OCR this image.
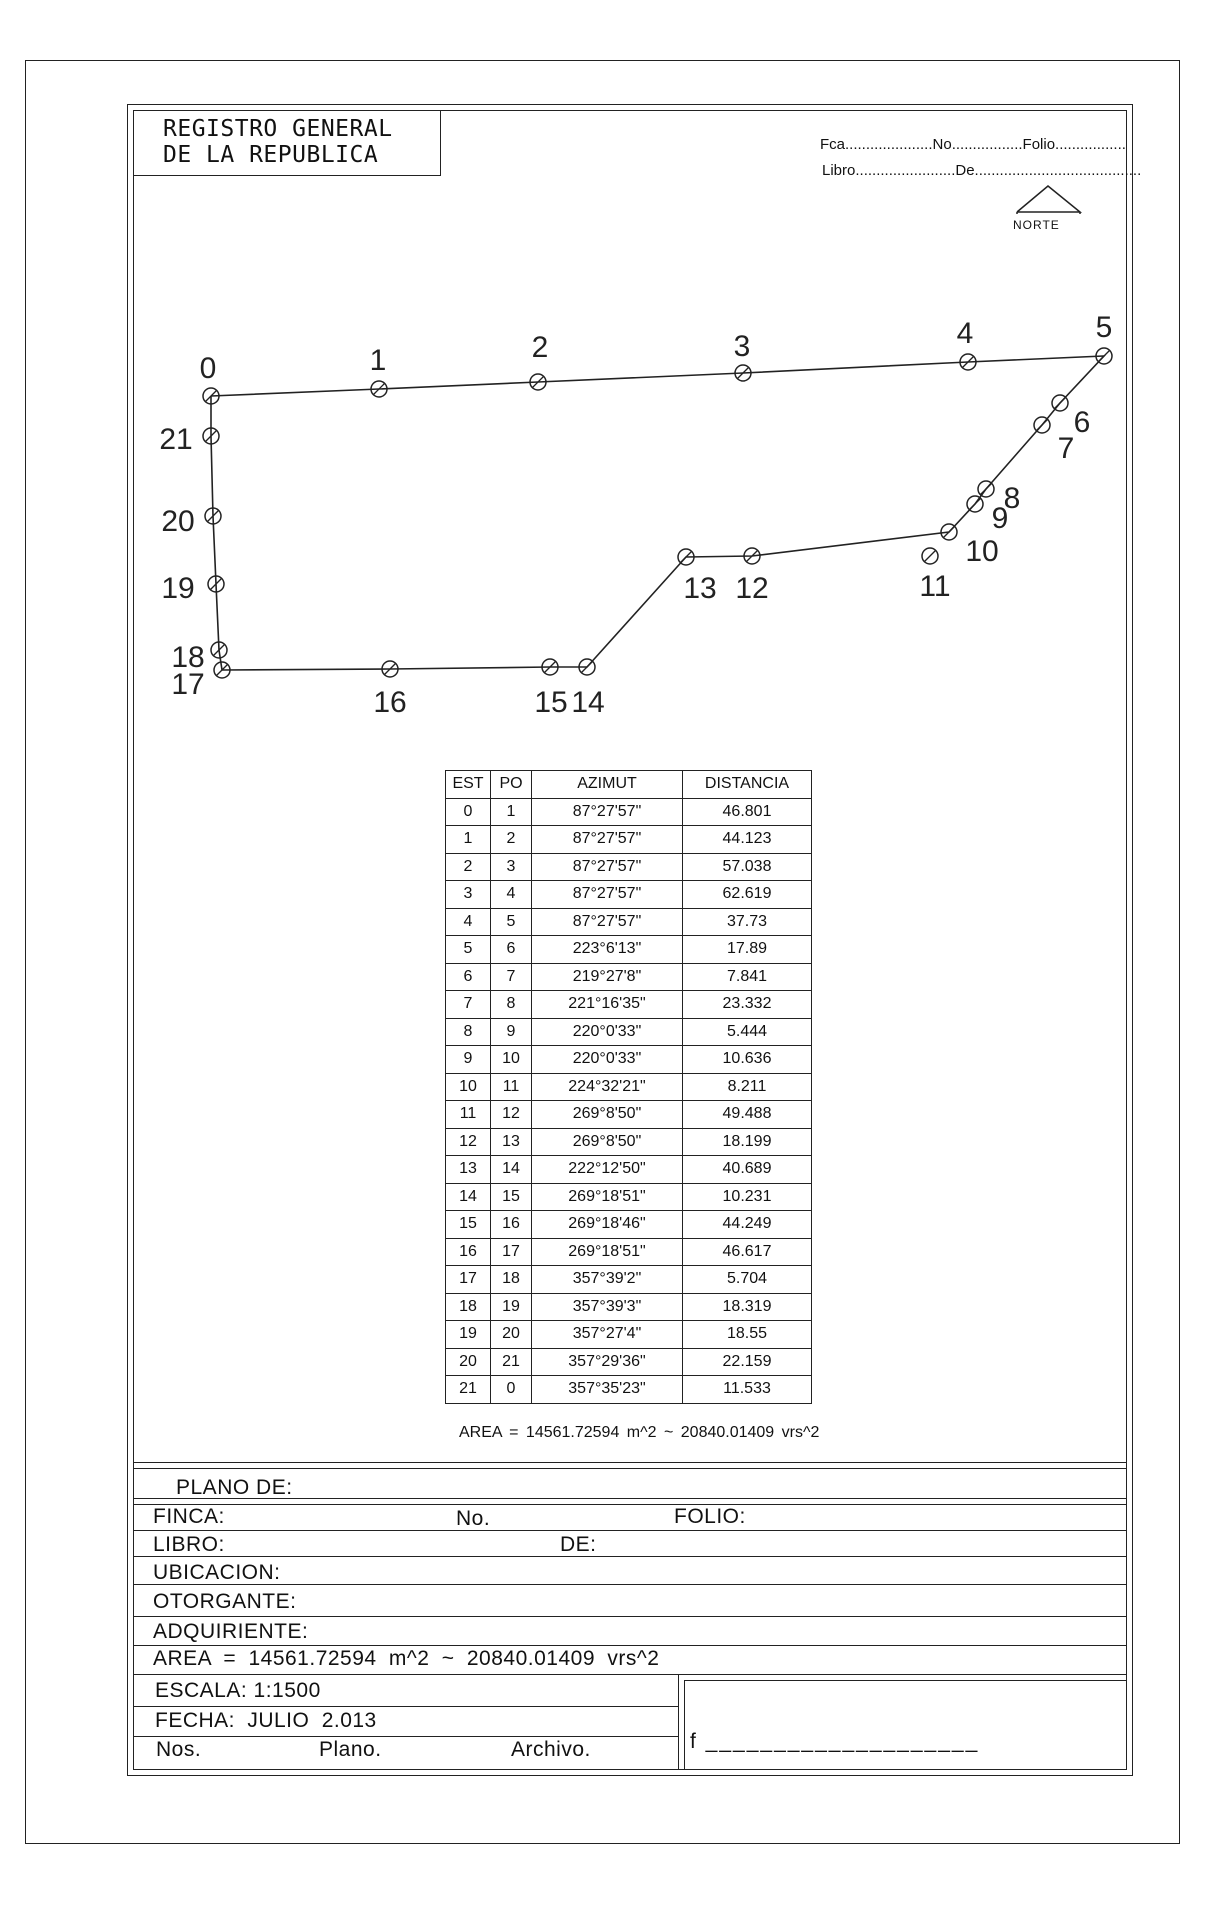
REGISTRO GENERAL
DE LA REPUBLICA	Fca.....................No.................Folio.................
Libro........................De........................................
0	1	2	3	4	5
6
7
8
9
10
11
12
13
14
15
16
17
18
19
20
21
NORTE
EST	PO	AZIMUT	DISTANCIA
0	1	87°27'57"	46.801
1	2	87°27'57"	44.123
2	3	87°27'57"	57.038
3	4	87°27'57"	62.619
4	5	87°27'57"	37.73
5	6	223°6'13"	17.89
6	7	219°27'8"	7.841
7	8	221°16'35"	23.332
8	9	220°0'33"	5.444
9	10	220°0'33"	10.636
10	11	224°32'21"	8.211
11	12	269°8'50"	49.488
12	13	269°8'50"	18.199
13	14	222°12'50"	40.689
14	15	269°18'51"	10.231
15	16	269°18'46"	44.249
16	17	269°18'51"	46.617
17	18	357°39'2"	5.704
18	19	357°39'3"	18.319
19	20	357°27'4"	18.55
20	21	357°29'36"	22.159
21	0	357°35'23"	11.533
AREA = 14561.72594 m^2 ~ 20840.01409 vrs^2
PLANO DE:
FINCA:	No.	FOLIO:
LIBRO:	DE:
UBICACION:
OTORGANTE:
ADQUIRIENTE:
AREA = 14561.72594 m^2 ~ 20840.01409 vrs^2
ESCALA: 1:1500
FECHA: JULIO 2.013
Nos.	Plano.	Archivo.	f ____________________
